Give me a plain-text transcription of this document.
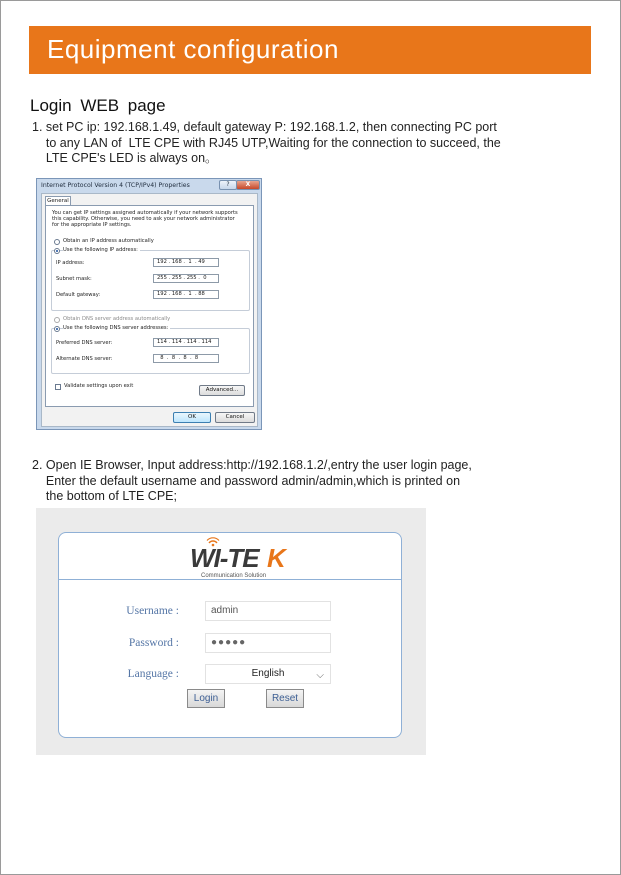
Equipment configuration
Login WEB page

1. set PC ip: 192.168.1.49, default gateway P: 192.168.1.2, then connecting PC port

to any LAN of  LTE CPE with RJ45 UTP,Waiting for the connection to succeed, the

LTE CPE's LED is always on。

Internet Protocol Version 4 (TCP/IPv4) Properties	?	X
General
You can get IP settings assigned automatically if your network supports
this capability. Otherwise, you need to ask your network administrator
for the appropriate IP settings.
Obtain an IP address automatically
Use the following IP address:
IP address:	192 . 168 .  1  . 49
Subnet mask:	255 . 255 . 255 .  0
Default gateway:	192 . 168 .  1  . 88
Obtain DNS server address automatically
Use the following DNS server addresses:
Preferred DNS server:	114 . 114 . 114 . 114
Alternate DNS server:	8  .  8  .  8  .  8
Validate settings upon exit
Advanced...
OK	Cancel

2. Open IE Browser, Input address:http://192.168.1.2/,entry the user login page,

Enter the default username and password admin/admin,which is printed on

the bottom of LTE CPE;

WI-TE K
Communication Solution
Username :	admin
Password :	●●●●●
Language :	English	⌵
Login	Reset
